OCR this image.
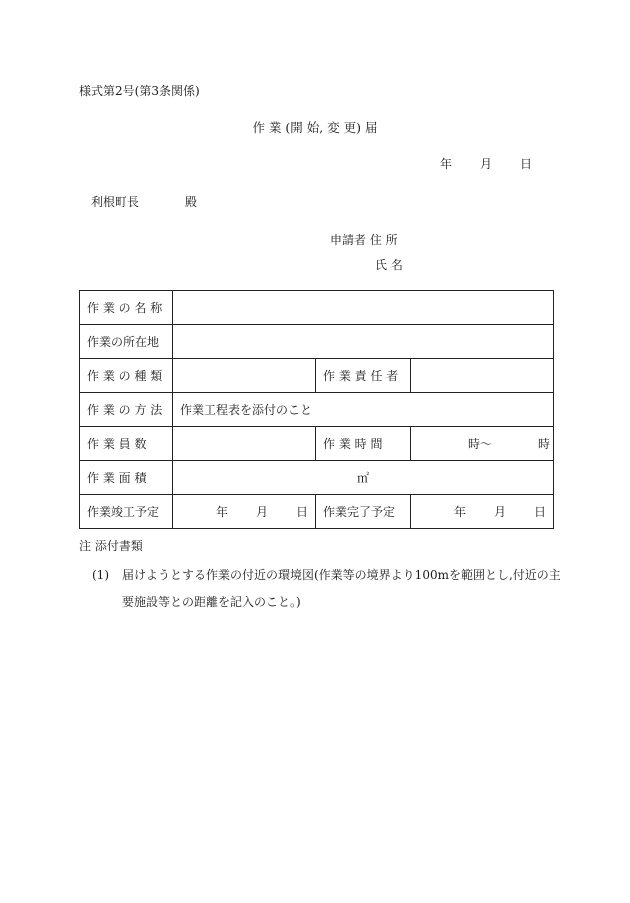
様式第2号(第3条関係)
作 業 (開 始, 変 更) 届
年 月 日
利根町長	殿
申請者 住 所
氏 名
作 業 の 名 称			
作業の所在地			
作 業 の 種 類		作 業 責 任 者	
作 業 の 方 法	作業工程表を添付のこと		
作 業 員 数		作 業 時 間	時〜 時
作 業 面 積	㎡		
作業竣工予定	年 月 日	作業完了予定	年 月 日
注 添付書類
(1)	届けようとする作業の付近の環境図(作業等の境界より100mを範囲とし,付近の主要施設等との距離を記入のこと。)
